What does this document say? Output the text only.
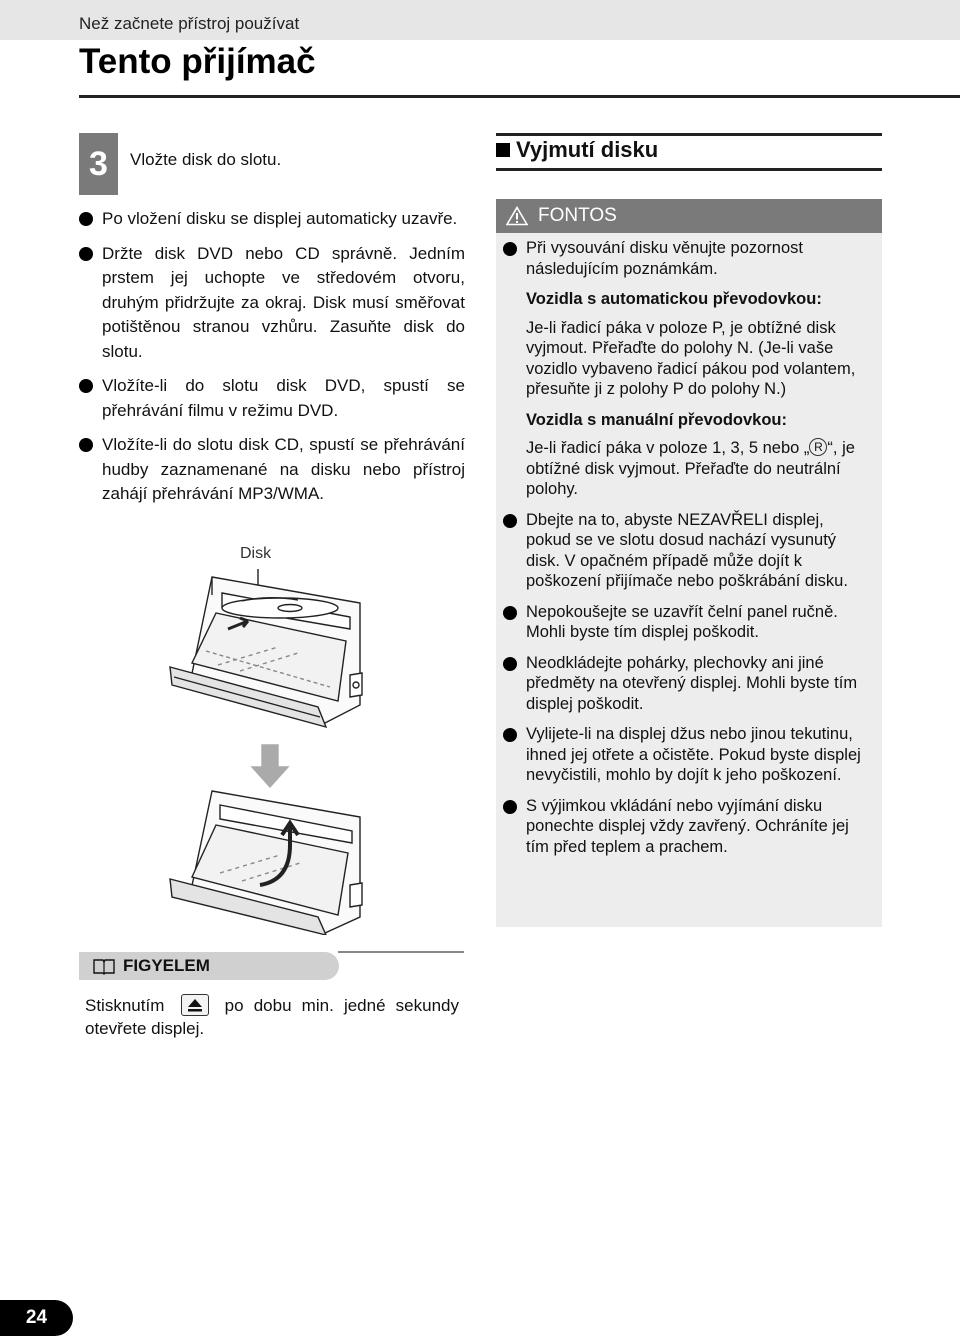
Než začnete přístroj používat
Tento přijímač
3	Vložte disk do slotu.
Po vložení disku se displej automaticky uzavře.
Držte disk DVD nebo CD správně. Jedním prstem jej uchopte ve středovém otvoru, druhým přidržujte za okraj. Disk musí směřovat potištěnou stranou vzhůru. Zasuňte disk do slotu.
Vložíte-li do slotu disk DVD, spustí se přehrávání filmu v režimu DVD.
Vložíte-li do slotu disk CD, spustí se přehrávání hudby zaznamenané na disku nebo přístroj zahájí přehrávání MP3/WMA.
Disk
FIGYELEM
Stisknutím	po dobu min. jedné sekundy otevřete displej.
Vyjmutí disku
FONTOS
Při vysouvání disku věnujte pozornost následujícím poznámkám.
Vozidla s automatickou převodovkou:
Je-li řadicí páka v poloze P, je obtížné disk vyjmout. Přeřaďte do polohy N. (Je-li vaše vozidlo vybaveno řadicí pákou pod volantem, přesuňte ji z polohy P do polohy N.)
Vozidla s manuální převodovkou:
Je-li řadicí páka v poloze 1, 3, 5 nebo „ R “, je obtížné disk vyjmout. Přeřaďte do neutrální polohy.
Dbejte na to, abyste NEZAVŘELI displej, pokud se ve slotu dosud nachází vysunutý disk. V opačném případě může dojít k poškození přijímače nebo poškrábání disku.
Nepokoušejte se uzavřít čelní panel ručně. Mohli byste tím displej poškodit.
Neodkládejte pohárky, plechovky ani jiné předměty na otevřený displej. Mohli byste tím displej poškodit.
Vylijete-li na displej džus nebo jinou tekutinu, ihned jej otřete a očistěte. Pokud byste displej nevyčistili, mohlo by dojít k jeho poškození.
S výjimkou vkládání nebo vyjímání disku ponechte displej vždy zavřený. Ochráníte jej tím před teplem a prachem.
24
